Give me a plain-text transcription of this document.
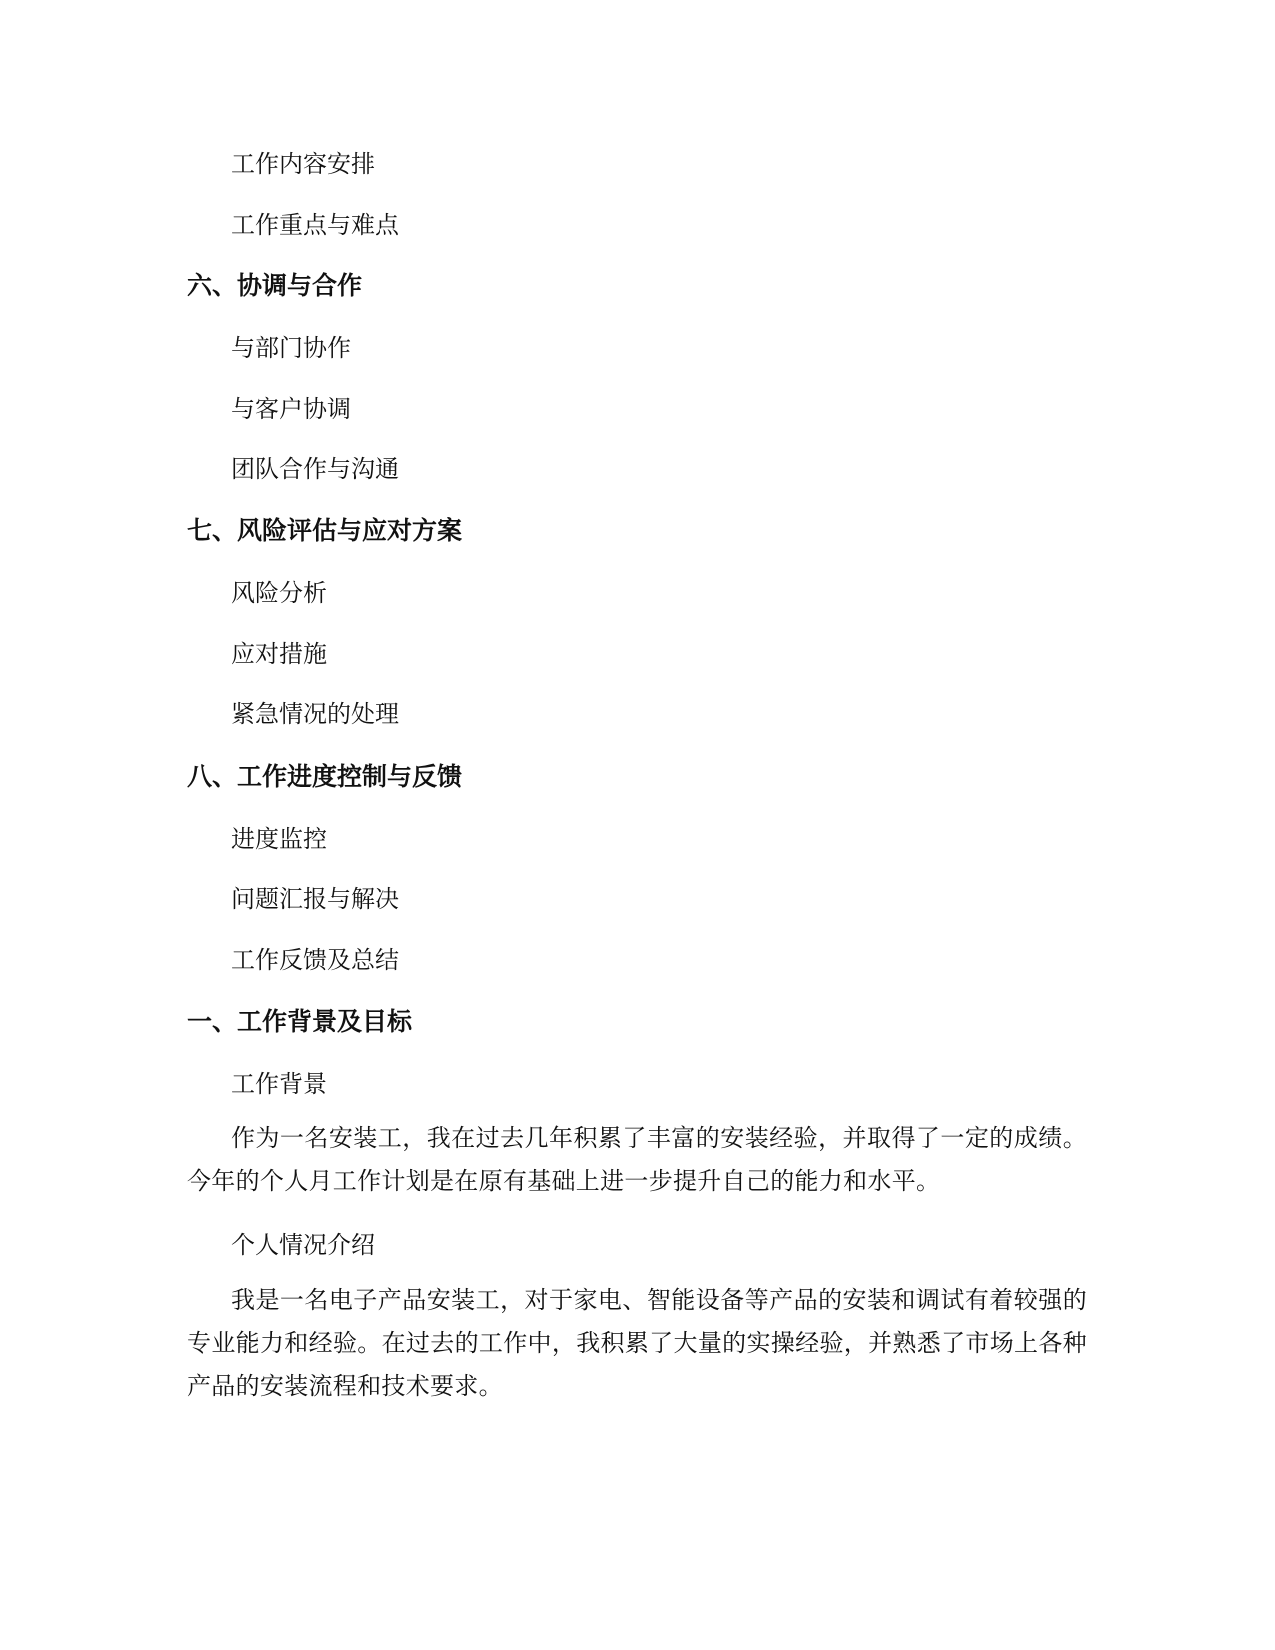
工作内容安排
工作重点与难点
六、协调与合作
与部门协作
与客户协调
团队合作与沟通
七、风险评估与应对方案
风险分析
应对措施
紧急情况的处理
八、工作进度控制与反馈
进度监控
问题汇报与解决
工作反馈及总结
一、工作背景及目标
工作背景
作为一名安装工，我在过去几年积累了丰富的安装经验，并取得了一定的成绩。今年的个人月工作计划是在原有基础上进一步提升自己的能力和水平。
个人情况介绍
我是一名电子产品安装工，对于家电、智能设备等产品的安装和调试有着较强的专业能力和经验。在过去的工作中，我积累了大量的实操经验，并熟悉了市场上各种产品的安装流程和技术要求。
